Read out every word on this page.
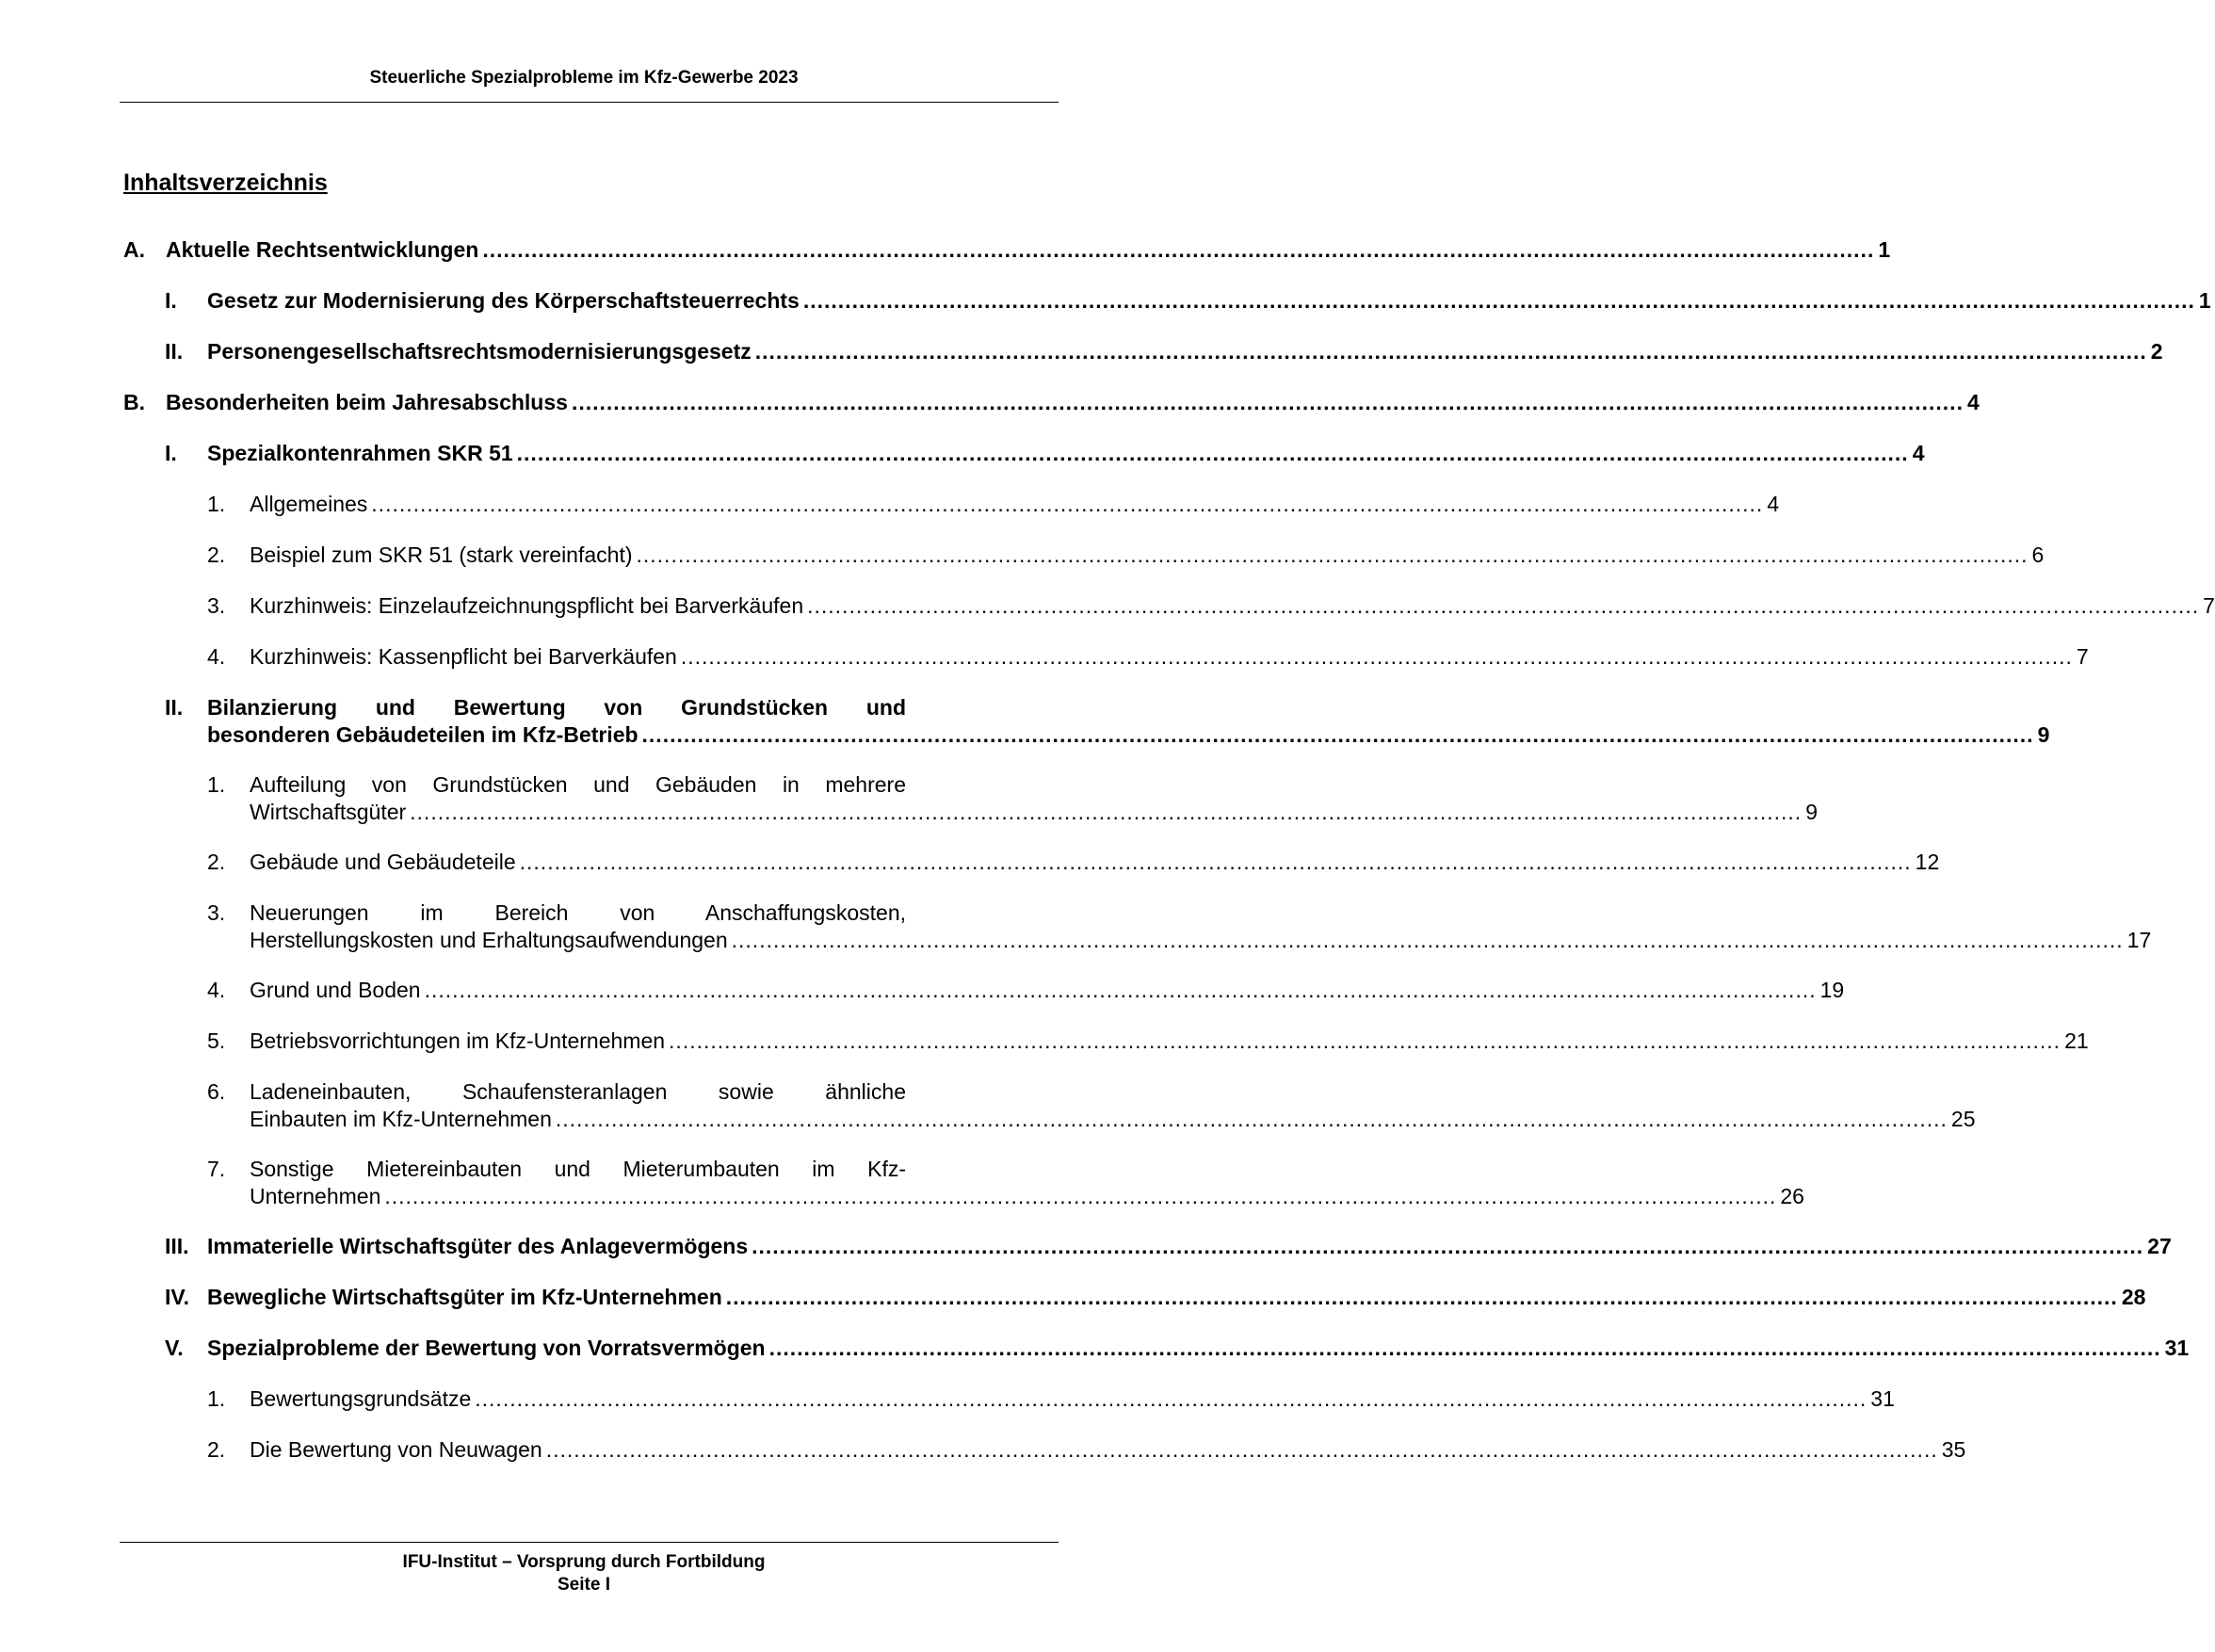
Steuerliche Spezialprobleme im Kfz-Gewerbe 2023
Inhaltsverzeichnis
A. Aktuelle Rechtsentwicklungen ........................................................................................................................................................................................................ 1
I. Gesetz zur Modernisierung des Körperschaftsteuerrechts ........................................................................................................................................................................................................ 1
II. Personengesellschaftsrechtsmodernisierungsgesetz ........................................................................................................................................................................................................ 2
B. Besonderheiten beim Jahresabschluss ........................................................................................................................................................................................................ 4
I. Spezialkontenrahmen SKR 51 ........................................................................................................................................................................................................ 4
1. Allgemeines ........................................................................................................................................................................................................ 4
2. Beispiel zum SKR 51 (stark vereinfacht) ........................................................................................................................................................................................................ 6
3. Kurzhinweis: Einzelaufzeichnungspflicht bei Barverkäufen ........................................................................................................................................................................................................ 7
4. Kurzhinweis: Kassenpflicht bei Barverkäufen ........................................................................................................................................................................................................ 7
II. Bilanzierung und Bewertung von Grundstücken und
besonderen Gebäudeteilen im Kfz-Betrieb ........................................................................................................................................................................................................ 9
1. Aufteilung von Grundstücken und Gebäuden in mehrere
Wirtschaftsgüter ........................................................................................................................................................................................................ 9
2. Gebäude und Gebäudeteile ........................................................................................................................................................................................................ 12
3. Neuerungen im Bereich von Anschaffungskosten,
Herstellungskosten und Erhaltungsaufwendungen ........................................................................................................................................................................................................ 17
4. Grund und Boden ........................................................................................................................................................................................................ 19
5. Betriebsvorrichtungen im Kfz-Unternehmen ........................................................................................................................................................................................................ 21
6. Ladeneinbauten, Schaufensteranlagen sowie ähnliche
Einbauten im Kfz-Unternehmen ........................................................................................................................................................................................................ 25
7. Sonstige Mietereinbauten und Mieterumbauten im Kfz-
Unternehmen ........................................................................................................................................................................................................ 26
III. Immaterielle Wirtschaftsgüter des Anlagevermögens ........................................................................................................................................................................................................ 27
IV. Bewegliche Wirtschaftsgüter im Kfz-Unternehmen ........................................................................................................................................................................................................ 28
V. Spezialprobleme der Bewertung von Vorratsvermögen ........................................................................................................................................................................................................ 31
1. Bewertungsgrundsätze ........................................................................................................................................................................................................ 31
2. Die Bewertung von Neuwagen ........................................................................................................................................................................................................ 35
IFU-Institut – Vorsprung durch Fortbildung
Seite I
